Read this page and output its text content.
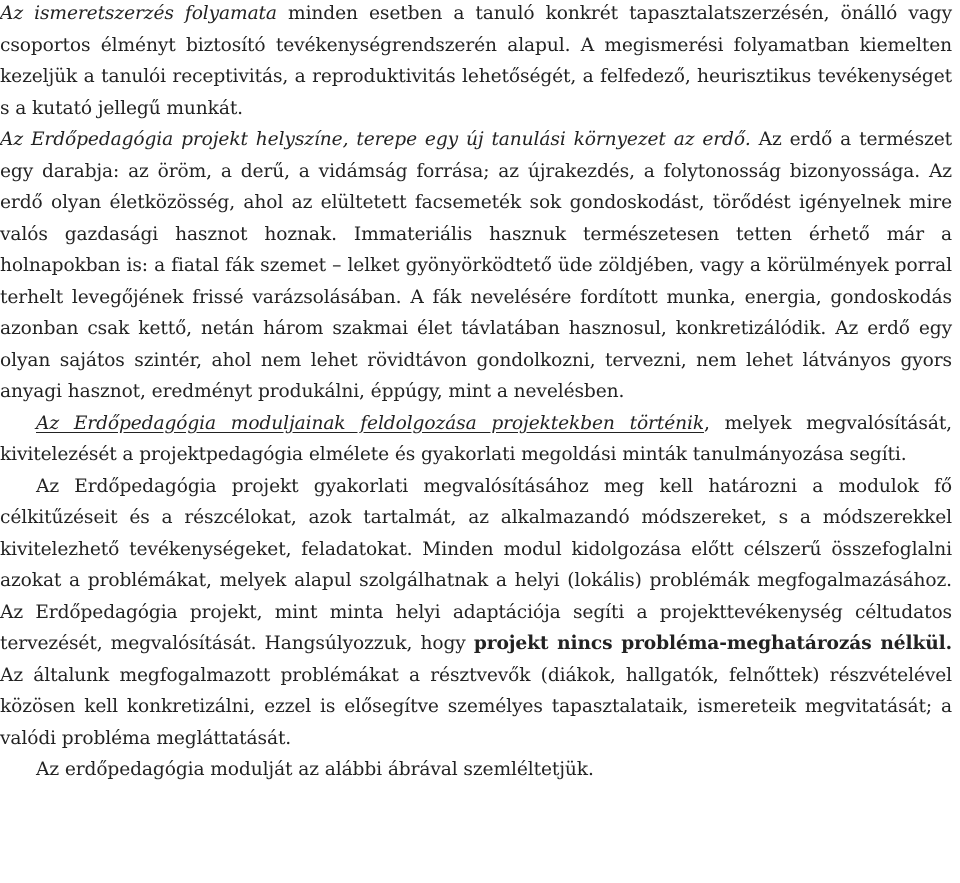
Az ismeretszerzés folyamata minden esetben a tanuló konkrét tapasztalatszerzésén, önálló vagy csoportos élményt biztosító tevékenységrendszerén alapul. A megismerési folyamatban kiemelten kezeljük a tanulói receptivitás, a reproduktivitás lehetőségét, a felfedező, heurisztikus tevékenységet s a kutató jellegű munkát.

Az Erdőpedagógia projekt helyszíne, terepe egy új tanulási környezet az erdő. Az erdő a természet egy darabja: az öröm, a derű, a vidámság forrása; az újrakezdés, a folytonosság bizonyossága. Az erdő olyan életközösség, ahol az elültetett facsemeték sok gondoskodást, törődést igényelnek mire valós gazdasági hasznot hoznak. Immateriális hasznuk természetesen tetten érhető már a holnapokban is: a fiatal fák szemet – lelket gyönyörködtető üde zöldjében, vagy a körülmények porral terhelt levegőjének frissé varázsolásában. A fák nevelésére fordított munka, energia, gondoskodás azonban csak kettő, netán három szakmai élet távlatában hasznosul, konkretizálódik. Az erdő egy olyan sajátos szintér, ahol nem lehet rövidtávon gondolkozni, tervezni, nem lehet látványos gyors anyagi hasznot, eredményt produkálni, éppúgy, mint a nevelésben.

Az Erdőpedagógia moduljainak feldolgozása projektekben történik, melyek megvalósítását, kivitelezését a projektpedagógia elmélete és gyakorlati megoldási minták tanulmányozása segíti.

Az Erdőpedagógia projekt gyakorlati megvalósításához meg kell határozni a modulok fő célkitűzéseit és a részcélokat, azok tartalmát, az alkalmazandó módszereket, s a módszerekkel kivitelezhető tevékenységeket, feladatokat. Minden modul kidolgozása előtt célszerű összefoglalni azokat a problémákat, melyek alapul szolgálhatnak a helyi (lokális) problémák megfogalmazásához. Az Erdőpedagógia projekt, mint minta helyi adaptációja segíti a projekttevékenység céltudatos tervezését, megvalósítását. Hangsúlyozzuk, hogy projekt nincs probléma-meghatározás nélkül. Az általunk megfogalmazott problémákat a résztvevők (diákok, hallgatók, felnőttek) részvételével közösen kell konkretizálni, ezzel is elősegítve személyes tapasztalataik, ismereteik megvitatását; a valódi probléma megláttatását.

Az erdőpedagógia modulját az alábbi ábrával szemléltetjük.
